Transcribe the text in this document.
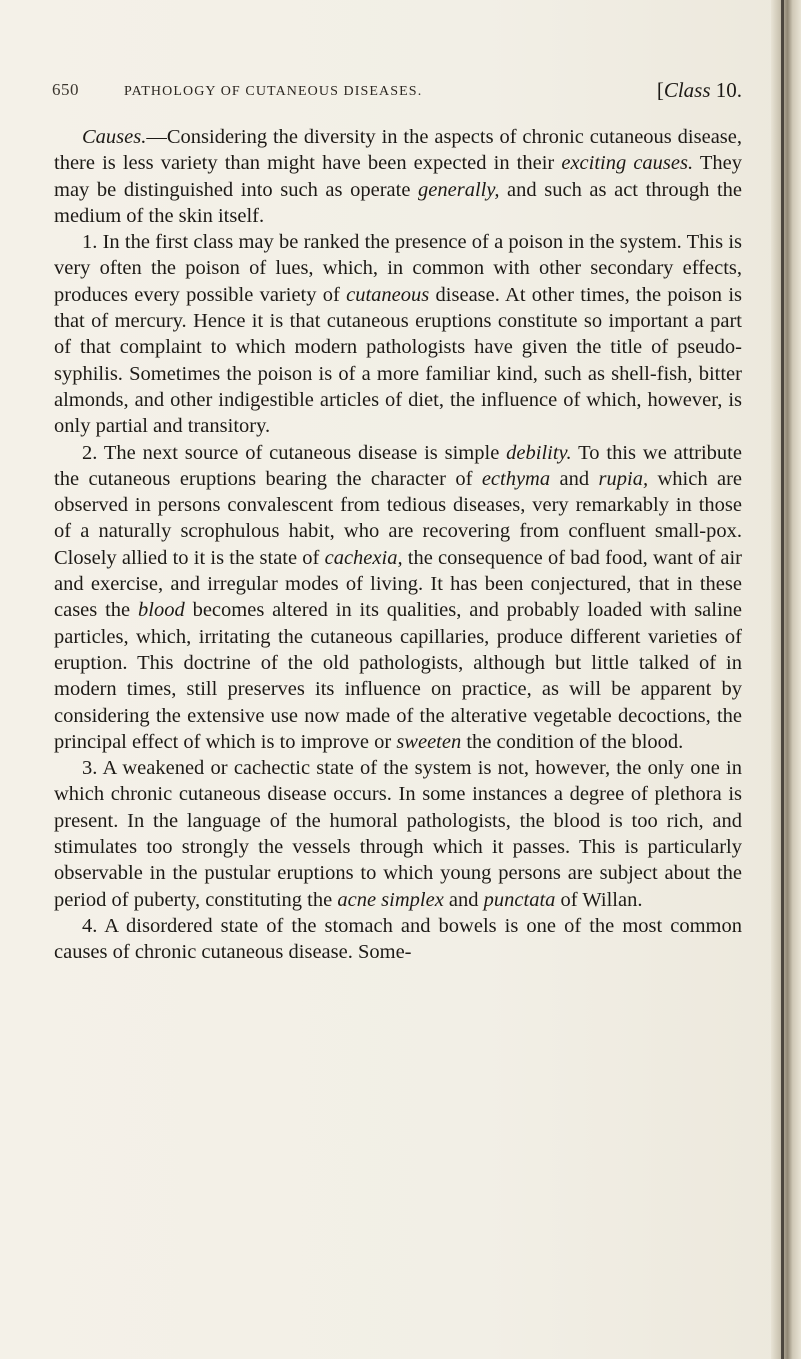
650	PATHOLOGY OF CUTANEOUS DISEASES.	[Class 10.

Causes.—Considering the diversity in the aspects of chronic cutaneous disease, there is less variety than might have been expected in their exciting causes. They may be distinguished into such as operate generally, and such as act through the medium of the skin itself.

1. In the first class may be ranked the presence of a poison in the system. This is very often the poison of lues, which, in common with other secondary effects, produces every possible variety of cutaneous disease. At other times, the poison is that of mercury. Hence it is that cutaneous eruptions constitute so important a part of that complaint to which modern pathologists have given the title of pseudo-syphilis. Sometimes the poison is of a more familiar kind, such as shell-fish, bitter almonds, and other indigestible articles of diet, the influence of which, however, is only partial and transitory.

2. The next source of cutaneous disease is simple debility. To this we attribute the cutaneous eruptions bearing the character of ecthyma and rupia, which are observed in persons convalescent from tedious diseases, very remarkably in those of a naturally scrophulous habit, who are recovering from confluent small-pox. Closely allied to it is the state of cachexia, the consequence of bad food, want of air and exercise, and irregular modes of living. It has been conjectured, that in these cases the blood becomes altered in its qualities, and probably loaded with saline particles, which, irritating the cutaneous capillaries, produce different varieties of eruption. This doctrine of the old pathologists, although but little talked of in modern times, still preserves its influence on practice, as will be apparent by considering the extensive use now made of the alterative vegetable decoctions, the principal effect of which is to improve or sweeten the condition of the blood.

3. A weakened or cachectic state of the system is not, however, the only one in which chronic cutaneous disease occurs. In some instances a degree of plethora is present. In the language of the humoral pathologists, the blood is too rich, and stimulates too strongly the vessels through which it passes. This is particularly observable in the pustular eruptions to which young persons are subject about the period of puberty, constituting the acne simplex and punctata of Willan.

4. A disordered state of the stomach and bowels is one of the most common causes of chronic cutaneous disease. Some-
